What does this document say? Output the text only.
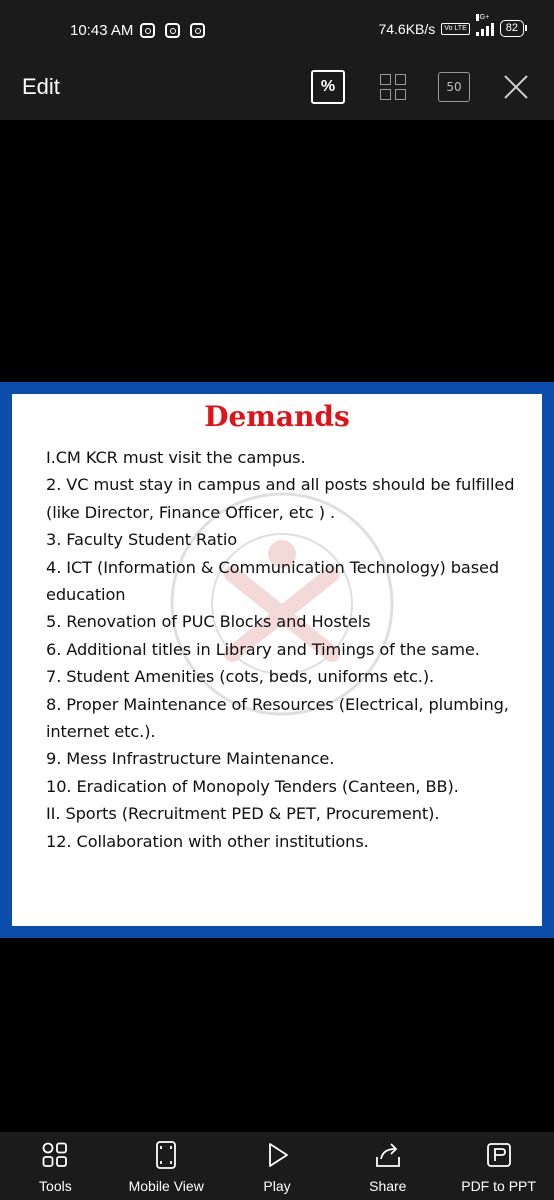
10:43 AM	74.6KB/s	Vo LTE
4G+
82
Edit	%	50
Demands
I.CM KCR must visit the campus.
2. VC must stay in campus and all posts should be fulfilled (like Director, Finance Officer, etc ) .
3. Faculty Student Ratio
4. ICT (Information & Communication Technology) based education
5. Renovation of PUC Blocks and Hostels
6. Additional titles in Library and Timings of the same.
7. Student Amenities (cots, beds, uniforms etc.).
8. Proper Maintenance of Resources (Electrical, plumbing, internet etc.).
9. Mess Infrastructure Maintenance.
10. Eradication of Monopoly Tenders (Canteen, BB).
II. Sports (Recruitment PED & PET, Procurement).
12. Collaboration with other institutions.
Tools	Mobile View	Play	Share	PDF to PPT
